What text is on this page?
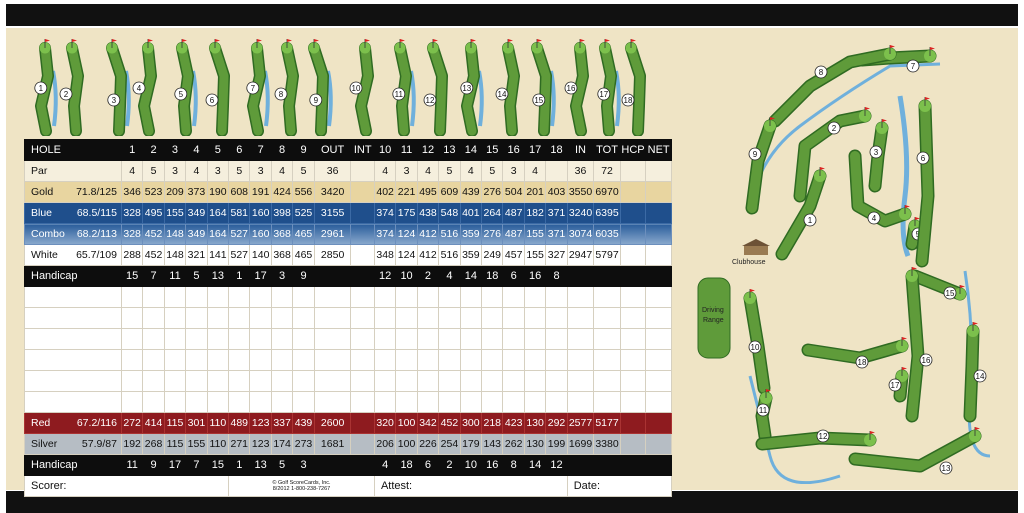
1
2
3
4
5
6
7
8
9
10
11
12
13
14
15
16
17
18
1
2
3
4
5
6
7
8
9
10
11
12
13
14
15
16
17
18
Clubhouse
Driving
Range
HOLE	1	2	3	4	5	6	7	8	9	OUT	INT	10	11	12	13	14	15	16	17	18	IN	TOT	HCP	NET
Par	4	5	3	4	3	5	3	4	5	36		4	3	4	5	4	5	3	4		36	72		
Gold 71.8/125	346	523	209	373	190	608	191	424	556	3420		402	221	495	609	439	276	504	201	403	3550	6970		
Blue 68.5/115	328	495	155	349	164	581	160	398	525	3155		374	175	438	548	401	264	487	182	371	3240	6395		
Combo 68.2/113	328	452	148	349	164	527	160	368	465	2961		374	124	412	516	359	276	487	155	371	3074	6035		
White 65.7/109	288	452	148	321	141	527	140	368	465	2850		348	124	412	516	359	249	457	155	327	2947	5797		
Handicap	15	7	11	5	13	1	17	3	9			12	10	2	4	14	18	6	16	8				

Red 67.2/116	272	414	115	301	110	489	123	337	439	2600		320	100	342	452	300	218	423	130	292	2577	5177		
Silver 57.9/87	192	268	115	155	110	271	123	174	273	1681		206	100	226	254	179	143	262	130	199	1699	3380		
Handicap	11	9	17	7	15	1	13	5	3			4	18	6	2	10	16	8	14	12				
Scorer:						© Golf ScoreCards, Inc.
8/2012 1-800-238-7267						Attest:									Date:			
